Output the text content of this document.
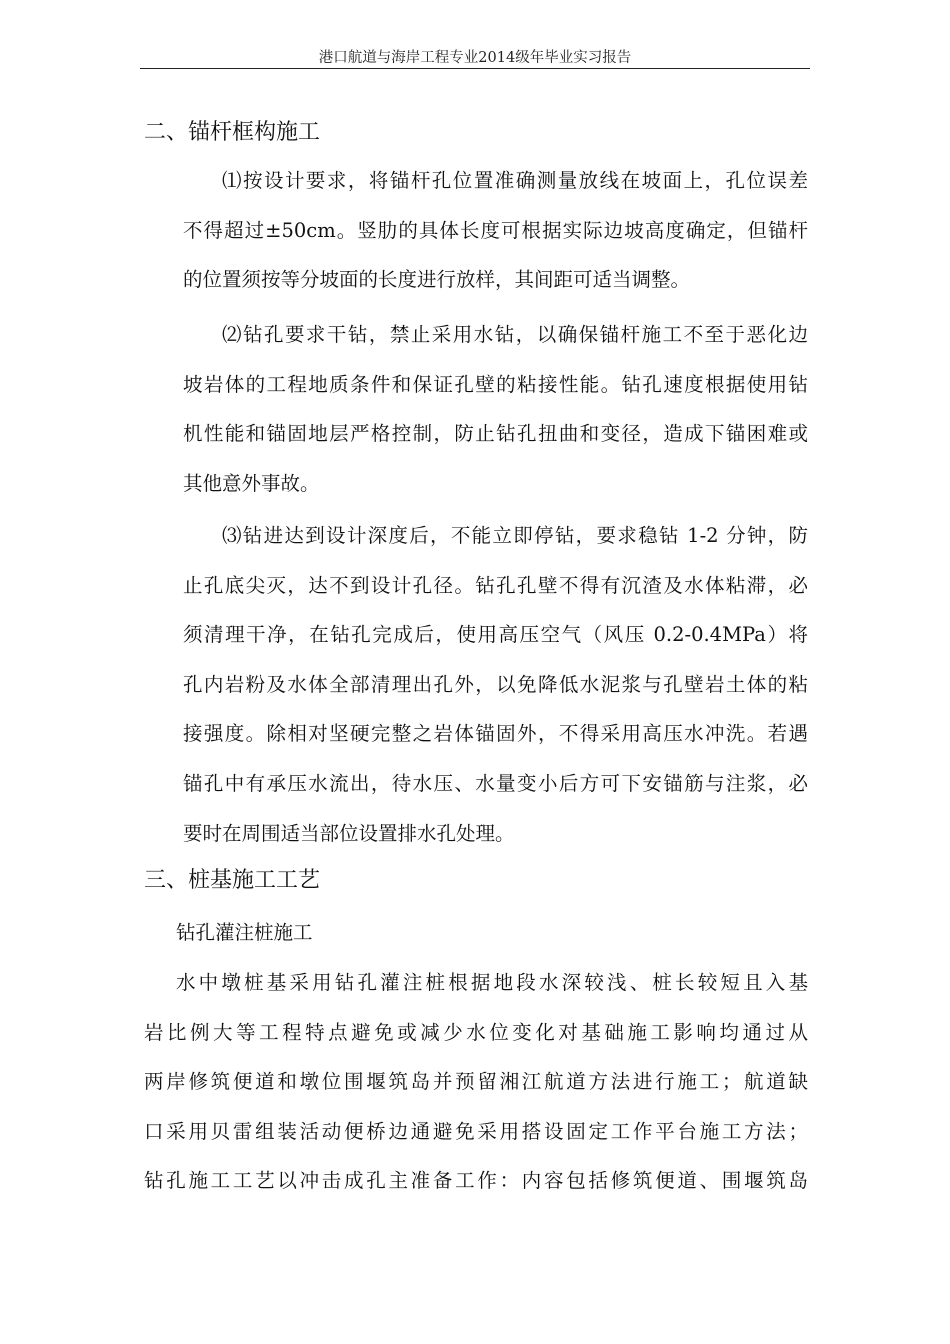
港口航道与海岸工程专业2014级年毕业实习报告
二、锚杆框构施工
⑴按设计要求，将锚杆孔位置准确测量放线在坡面上，孔位误差
不得超过±50cm。竖肋的具体长度可根据实际边坡高度确定，但锚杆
的位置须按等分坡面的长度进行放样，其间距可适当调整。
⑵钻孔要求干钻，禁止采用水钻，以确保锚杆施工不至于恶化边
坡岩体的工程地质条件和保证孔壁的粘接性能。钻孔速度根据使用钻
机性能和锚固地层严格控制，防止钻孔扭曲和变径，造成下锚困难或
其他意外事故。
⑶钻进达到设计深度后，不能立即停钻，要求稳钻 1-2 分钟，防
止孔底尖灭，达不到设计孔径。钻孔孔壁不得有沉渣及水体粘滞，必
须清理干净，在钻孔完成后，使用高压空气（风压 0.2-0.4MPa）将
孔内岩粉及水体全部清理出孔外，以免降低水泥浆与孔壁岩土体的粘
接强度。除相对坚硬完整之岩体锚固外，不得采用高压水冲洗。若遇
锚孔中有承压水流出，待水压、水量变小后方可下安锚筋与注浆，必
要时在周围适当部位设置排水孔处理。
三、桩基施工工艺
钻孔灌注桩施工
水中墩桩基采用钻孔灌注桩根据地段水深较浅、桩长较短且入基
岩比例大等工程特点避免或减少水位变化对基础施工影响均通过从
两岸修筑便道和墩位围堰筑岛并预留湘江航道方法进行施工；航道缺
口采用贝雷组装活动便桥边通避免采用搭设固定工作平台施工方法；
钻孔施工工艺以冲击成孔主准备工作：内容包括修筑便道、围堰筑岛
